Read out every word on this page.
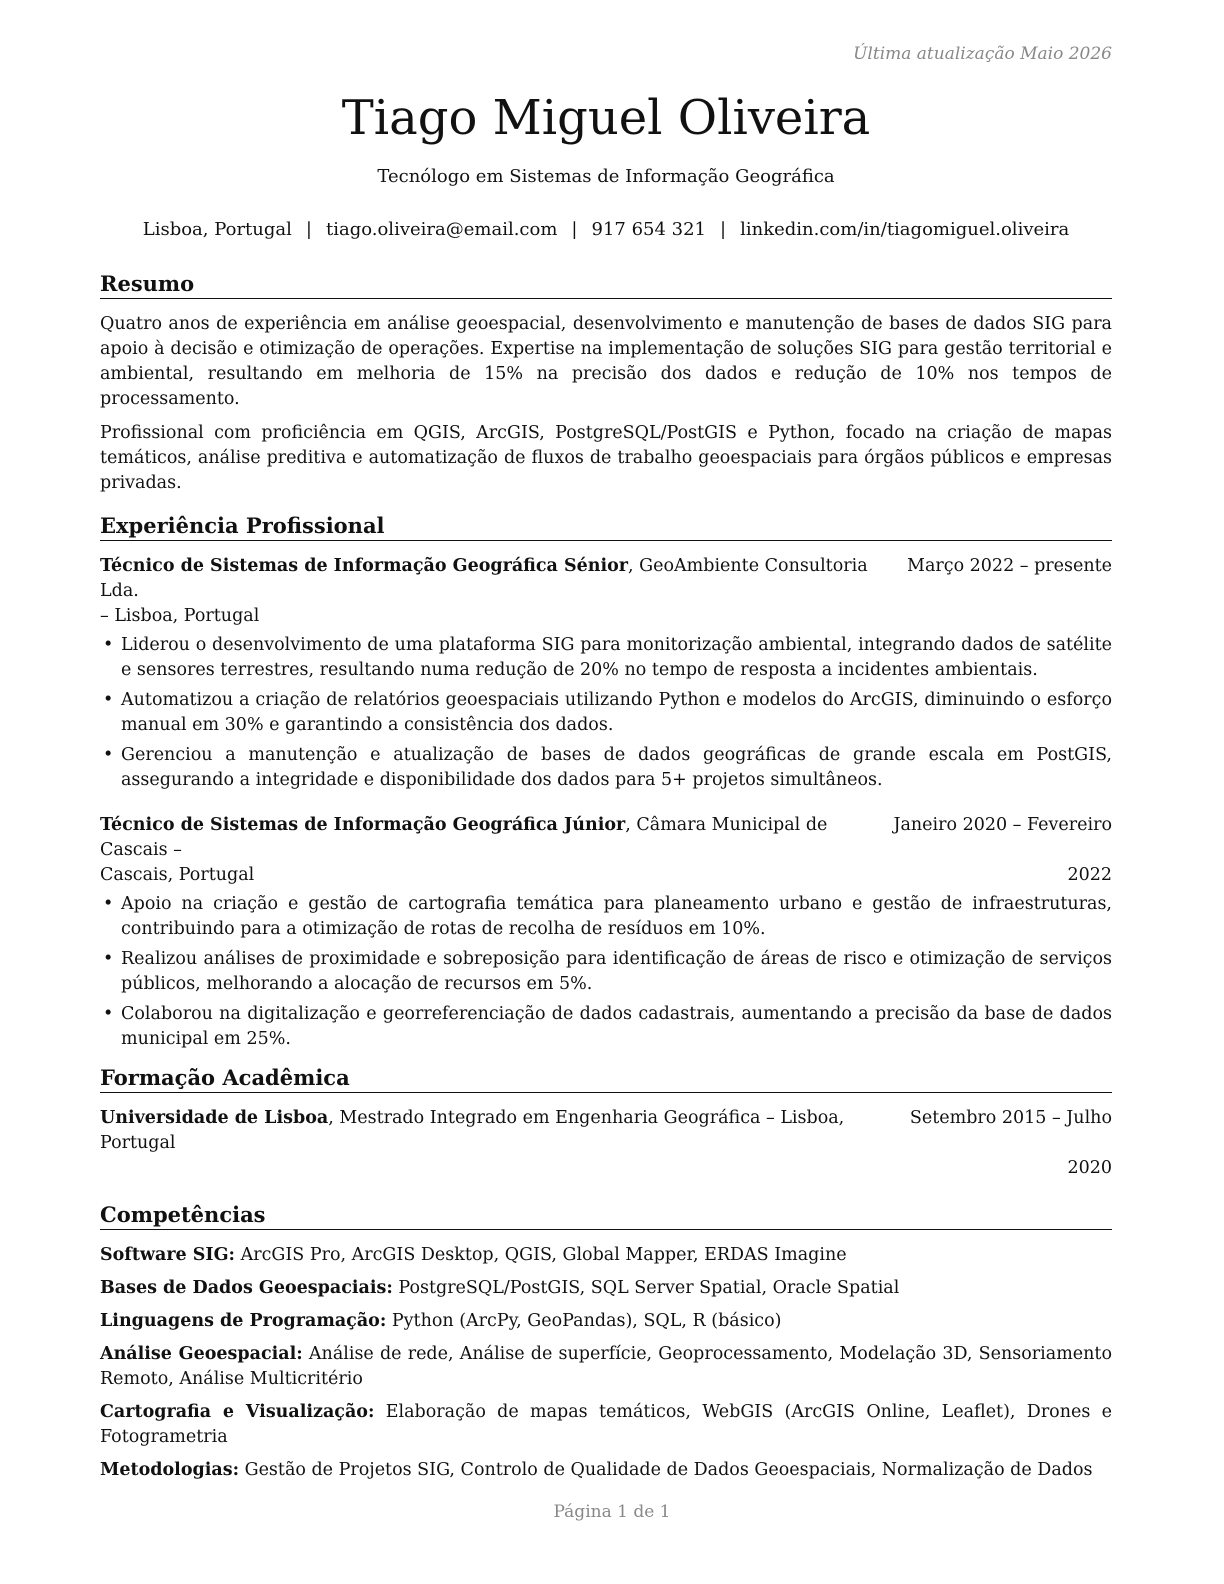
Última atualização Maio 2026
Tiago Miguel Oliveira
Tecnólogo em Sistemas de Informação Geográfica
Lisboa, Portugal | tiago.oliveira@email.com | 917 654 321 | linkedin.com/in/tiagomiguel.oliveira
Resumo

Quatro anos de experiência em análise geoespacial, desenvolvimento e manutenção de bases de dados SIG para apoio à decisão e otimização de operações. Expertise na implementação de soluções SIG para gestão territorial e ambiental, resultando em melhoria de 15% na precisão dos dados e redução de 10% nos tempos de processamento.

Profissional com proficiência em QGIS, ArcGIS, PostgreSQL/PostGIS e Python, focado na criação de mapas temáticos, análise preditiva e automatização de fluxos de trabalho geoespaciais para órgãos públicos e empresas privadas.

Experiência Profissional
Técnico de Sistemas de Informação Geográfica Sénior, GeoAmbiente Consultoria Lda.
Março 2022 – presente
– Lisboa, Portugal
• Liderou o desenvolvimento de uma plataforma SIG para monitorização ambiental, integrando dados de satélite e sensores terrestres, resultando numa redução de 20% no tempo de resposta a incidentes ambientais.
• Automatizou a criação de relatórios geoespaciais utilizando Python e modelos do ArcGIS, diminuindo o esforço manual em 30% e garantindo a consistência dos dados.
• Gerenciou a manutenção e atualização de bases de dados geográficas de grande escala em PostGIS, assegurando a integridade e disponibilidade dos dados para 5+ projetos simultâneos.
Técnico de Sistemas de Informação Geográfica Júnior, Câmara Municipal de Cascais –
Janeiro 2020 – Fevereiro
Cascais, Portugal	2022
• Apoio na criação e gestão de cartografia temática para planeamento urbano e gestão de infraestruturas, contribuindo para a otimização de rotas de recolha de resíduos em 10%.
• Realizou análises de proximidade e sobreposição para identificação de áreas de risco e otimização de serviços públicos, melhorando a alocação de recursos em 5%.
• Colaborou na digitalização e georreferenciação de dados cadastrais, aumentando a precisão da base de dados municipal em 25%.
Formação Acadêmica
Universidade de Lisboa, Mestrado Integrado em Engenharia Geográfica – Lisboa, Portugal
Setembro 2015 – Julho
2020
Competências
Software SIG: ArcGIS Pro, ArcGIS Desktop, QGIS, Global Mapper, ERDAS Imagine
Bases de Dados Geoespaciais: PostgreSQL/PostGIS, SQL Server Spatial, Oracle Spatial
Linguagens de Programação: Python (ArcPy, GeoPandas), SQL, R (básico)
Análise Geoespacial: Análise de rede, Análise de superfície, Geoprocessamento, Modelação 3D, Sensoriamento Remoto, Análise Multicritério
Cartografia e Visualização: Elaboração de mapas temáticos, WebGIS (ArcGIS Online, Leaflet), Drones e Fotogrametria
Metodologias: Gestão de Projetos SIG, Controlo de Qualidade de Dados Geoespaciais, Normalização de Dados
Página 1 de 1
